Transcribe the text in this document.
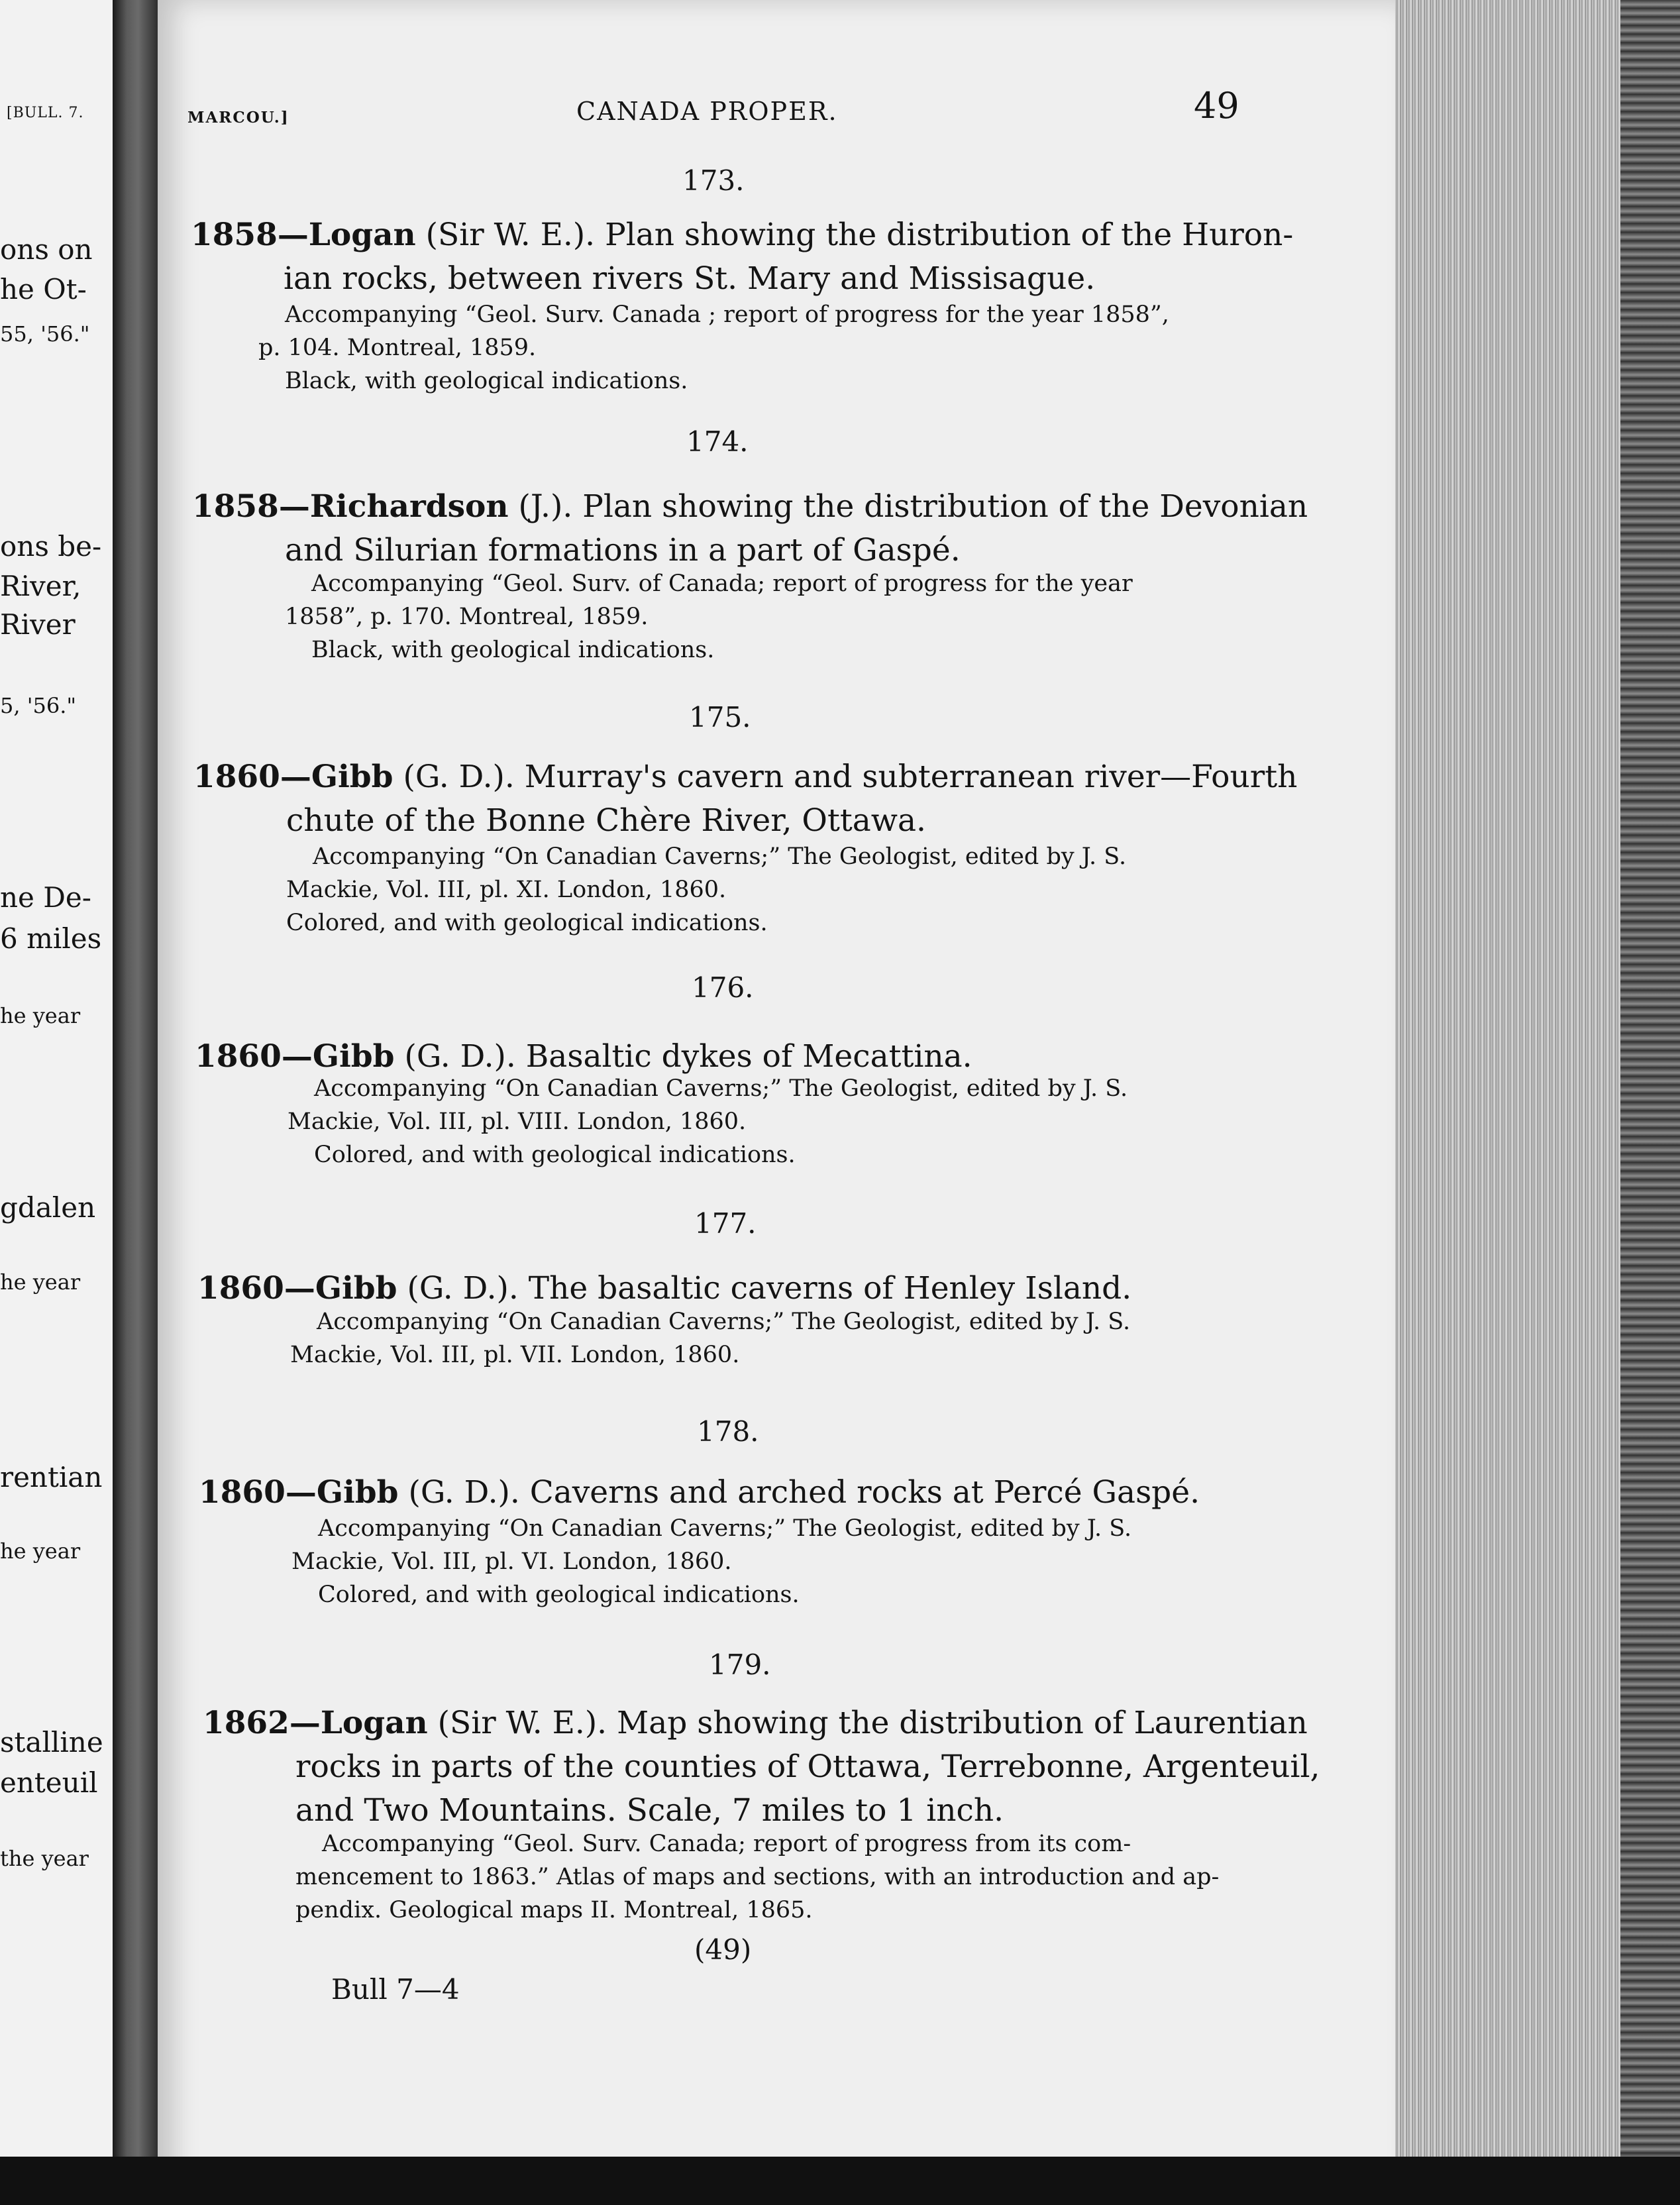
[BULL. 7.
ons on
he Ot-
55, '56."
ons be-
River,
River
5, '56."
ne De-
6 miles
he year
gdalen
he year
rentian
he year
stalline
enteuil
the year
MARCOU.]	CANADA PROPER.	49
173.
1858—Logan (Sir W. E.). Plan showing the distribution of the Huron-
ian rocks, between rivers St. Mary and Missisague.
Accompanying “Geol. Surv. Canada ; report of progress for the year 1858”,
p. 104. Montreal, 1859.
Black, with geological indications.
174.
1858—Richardson (J.). Plan showing the distribution of the Devonian
and Silurian formations in a part of Gaspé.
Accompanying “Geol. Surv. of Canada; report of progress for the year
1858”, p. 170. Montreal, 1859.
Black, with geological indications.
175.
1860—Gibb (G. D.). Murray's cavern and subterranean river—Fourth
chute of the Bonne Chère River, Ottawa.
Accompanying “On Canadian Caverns;” The Geologist, edited by J. S.
Mackie, Vol. III, pl. XI. London, 1860.
Colored, and with geological indications.
176.
1860—Gibb (G. D.). Basaltic dykes of Mecattina.
Accompanying “On Canadian Caverns;” The Geologist, edited by J. S.
Mackie, Vol. III, pl. VIII. London, 1860.
Colored, and with geological indications.
177.
1860—Gibb (G. D.). The basaltic caverns of Henley Island.
Accompanying “On Canadian Caverns;” The Geologist, edited by J. S.
Mackie, Vol. III, pl. VII. London, 1860.
178.
1860—Gibb (G. D.). Caverns and arched rocks at Percé Gaspé.
Accompanying “On Canadian Caverns;” The Geologist, edited by J. S.
Mackie, Vol. III, pl. VI. London, 1860.
Colored, and with geological indications.
179.
1862—Logan (Sir W. E.). Map showing the distribution of Laurentian
rocks in parts of the counties of Ottawa, Terrebonne, Argenteuil,
and Two Mountains. Scale, 7 miles to 1 inch.
Accompanying “Geol. Surv. Canada; report of progress from its com-
mencement to 1863.” Atlas of maps and sections, with an introduction and ap-
pendix. Geological maps II. Montreal, 1865.
(49)
Bull 7—4
